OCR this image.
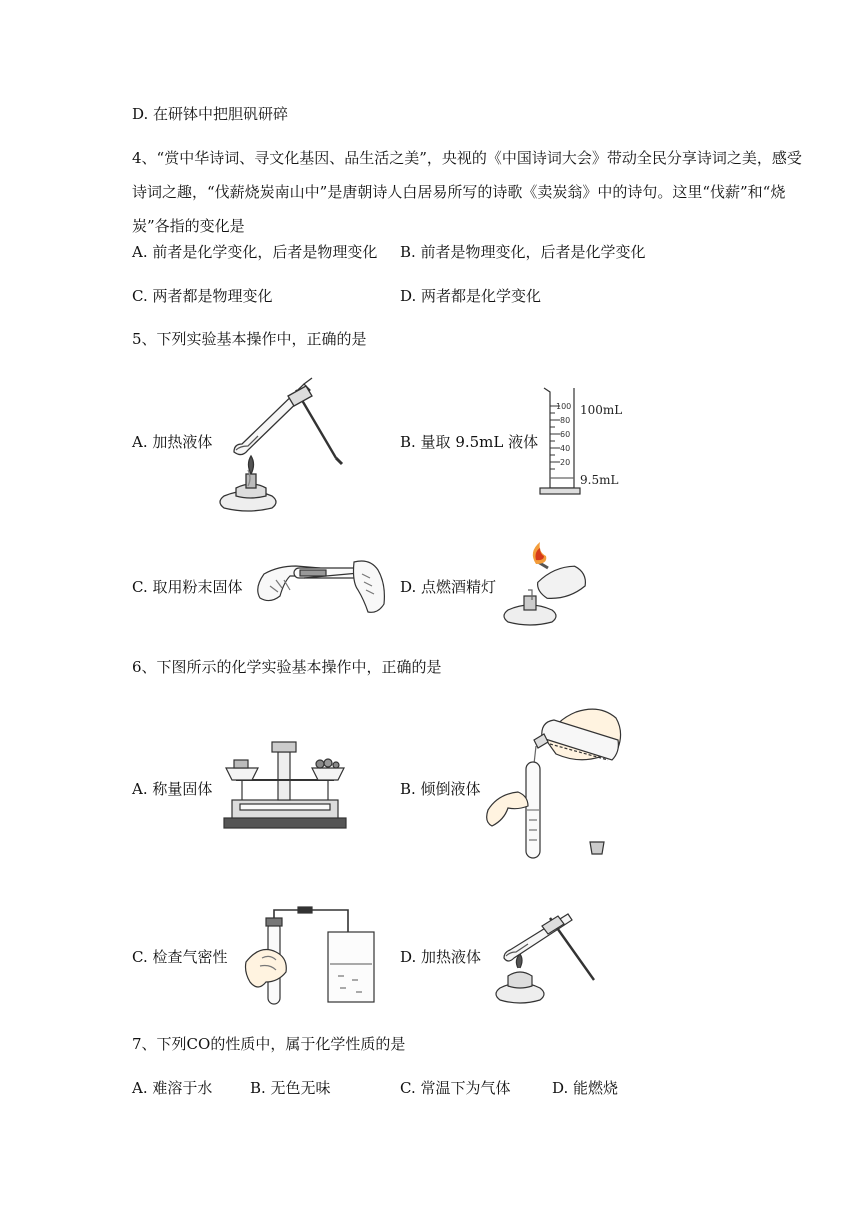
D. 在研钵中把胆矾研碎
4、“赏中华诗词、寻文化基因、品生活之美”，央视的《中国诗词大会》带动全民分享诗词之美，感受诗词之趣，“伐薪烧炭南山中”是唐朝诗人白居易所写的诗歌《卖炭翁》中的诗句。这里“伐薪”和“烧炭”各指的变化是
A. 前者是化学变化，后者是物理变化 B. 前者是物理变化，后者是化学变化
C. 两者都是物理变化	D. 两者都是化学变化
5、下列实验基本操作中，正确的是
A. 加热液体	B. 量取 9.5mL 液体
C. 取用粉末固体	D. 点燃酒精灯
100
80
60
40
20
100mL
9.5mL
6、下图所示的化学实验基本操作中，正确的是
A. 称量固体	B. 倾倒液体
C. 检查气密性	D. 加热液体
7、下列CO的性质中，属于化学性质的是
A. 难溶于水	B. 无色无味	C. 常温下为气体	D. 能燃烧
